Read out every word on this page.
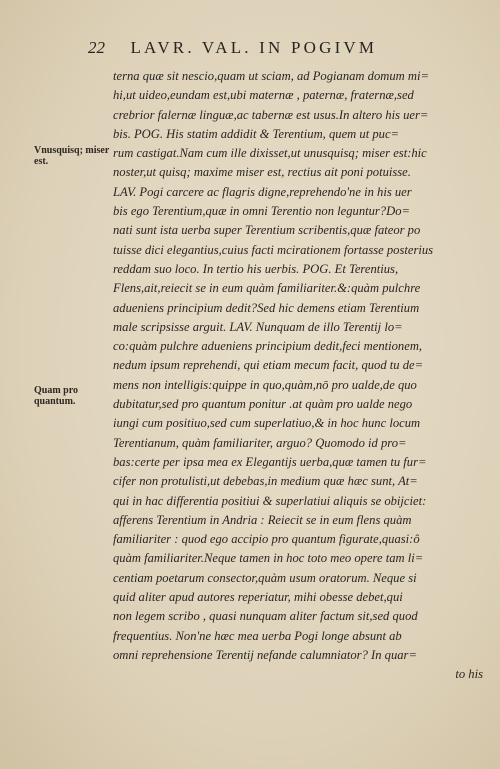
22 LAVR. VAL. IN POGIVM
Vnusquisq; miser est.
Quam pro quantum.
terna quæ sit nescio,quam ut sciam, ad Pogianam domum mi=
hi,ut uideo,eundam est,ubi maternæ , paternæ, fraternæ,sed
crebrior falernæ linguæ,ac tabernæ est usus.In altero his uer=
bis. POG. His statim addidit & Terentium, quem ut puc=
rum castigat.Nam cum ille dixisset,ut unusquisq; miser est:hic
noster,ut quisq; maxime miser est, rectius ait poni potuisse.
LAV. Pogi carcere ac flagris digne,reprehendo'ne in his uer
bis ego Terentium,quæ in omni Terentio non leguntur?Do=
nati sunt ista uerba super Terentium scribentis,quæ fateor po
tuisse dici elegantius,cuius facti mcirationem fortasse posterius
reddam suo loco. In tertio his uerbis. POG. Et Terentius,
Flens,ait,reiecit se in eum quàm familiariter.&:quàm pulchre
adueniens principium dedit?Sed hic demens etiam Terentium
male scripsisse arguit. LAV. Nunquam de illo Terentij lo=
co:quàm pulchre adueniens principium dedit,feci mentionem,
nedum ipsum reprehendi, qui etiam mecum facit, quod tu de=
mens non intelligis:quippe in quo,quàm,nō pro ualde,de quo
dubitatur,sed pro quantum ponitur .at quàm pro ualde nego
iungi cum positiuo,sed cum superlatiuo,& in hoc hunc locum
Terentianum, quàm familiariter, arguo? Quomodo id pro=
bas:certe per ipsa mea ex Elegantijs uerba,quæ tamen tu fur=
cifer non protulisti,ut debebas,in medium quæ hæc sunt, At=
qui in hac differentia positiui & superlatiui aliquis se obijciet:
afferens Terentium in Andria : Reiecit se in eum flens quàm
familiariter : quod ego accipio pro quantum figurate,quasi:ô
quàm familiariter.Neque tamen in hoc toto meo opere tam li=
centiam poetarum consector,quàm usum oratorum. Neque si
quid aliter apud autores reperiatur, mihi obesse debet,qui
non legem scribo , quasi nunquam aliter factum sit,sed quod
frequentius. Non'ne hæc mea uerba Pogi longe absunt ab
omni reprehensione Terentij nefande calumniator? In quar=
to his
